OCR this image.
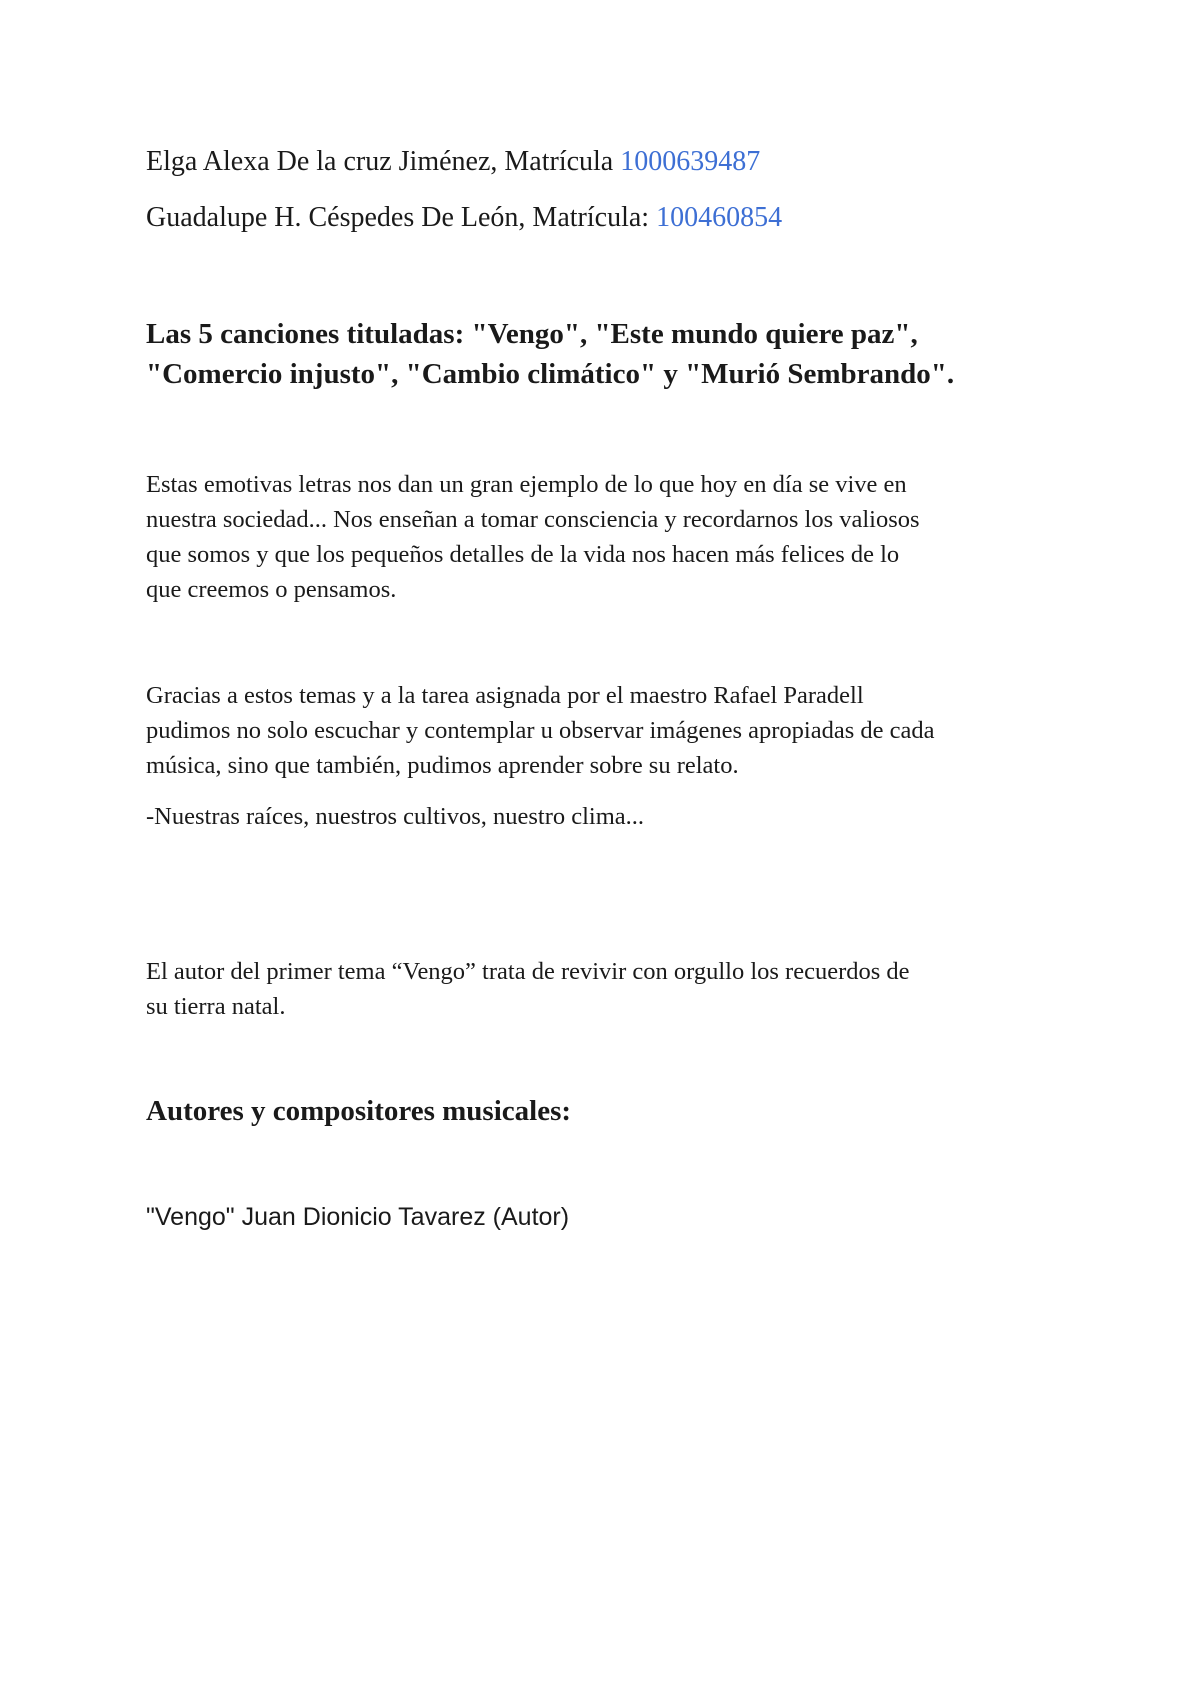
Elga Alexa De la cruz Jiménez, Matrícula 1000639487
Guadalupe H. Céspedes De León, Matrícula: 100460854
Las 5 canciones tituladas: "Vengo", "Este mundo quiere paz",
"Comercio injusto", "Cambio climático" y "Murió Sembrando".
Estas emotivas letras nos dan un gran ejemplo de lo que hoy en día se vive en
nuestra sociedad... Nos enseñan a tomar consciencia y recordarnos los valiosos
que somos y que los pequeños detalles de la vida nos hacen más felices de lo
que creemos o pensamos.
Gracias a estos temas y a la tarea asignada por el maestro Rafael Paradell
pudimos no solo escuchar y contemplar u observar imágenes apropiadas de cada
música, sino que también, pudimos aprender sobre su relato.
-Nuestras raíces, nuestros cultivos, nuestro clima...
El autor del primer tema “Vengo” trata de revivir con orgullo los recuerdos de
su tierra natal.
Autores y compositores musicales:
"Vengo" Juan Dionicio Tavarez (Autor)
